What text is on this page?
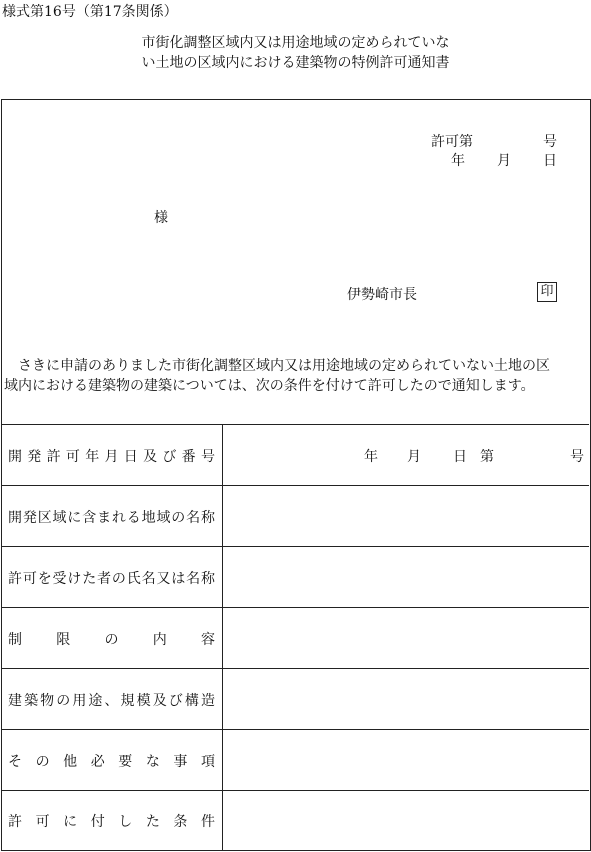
様式第16号（第17条関係）
市街化調整区域内又は用途地域の定められていな
い土地の区域内における建築物の特例許可通知書
許可第	号
年 月 日
様
伊勢崎市長	印

さきに申請のありました市街化調整区域内又は用途地域の定められていない土地の区

域内における建築物の建築については、次の条件を付けて許可したので通知します。
開 発 許 可 年 月 日 及 び 番 号	年 月 日 第	号
開 発 区 域 に 含 ま れ る 地 域 の 名 称
許 可 を 受 け た 者 の 氏 名 又 は 名 称
制 限 の 内 容
建 築 物 の 用 途 、 規 模 及 び 構 造
そ の 他 必 要 な 事 項
許 可 に 付 し た 条 件
